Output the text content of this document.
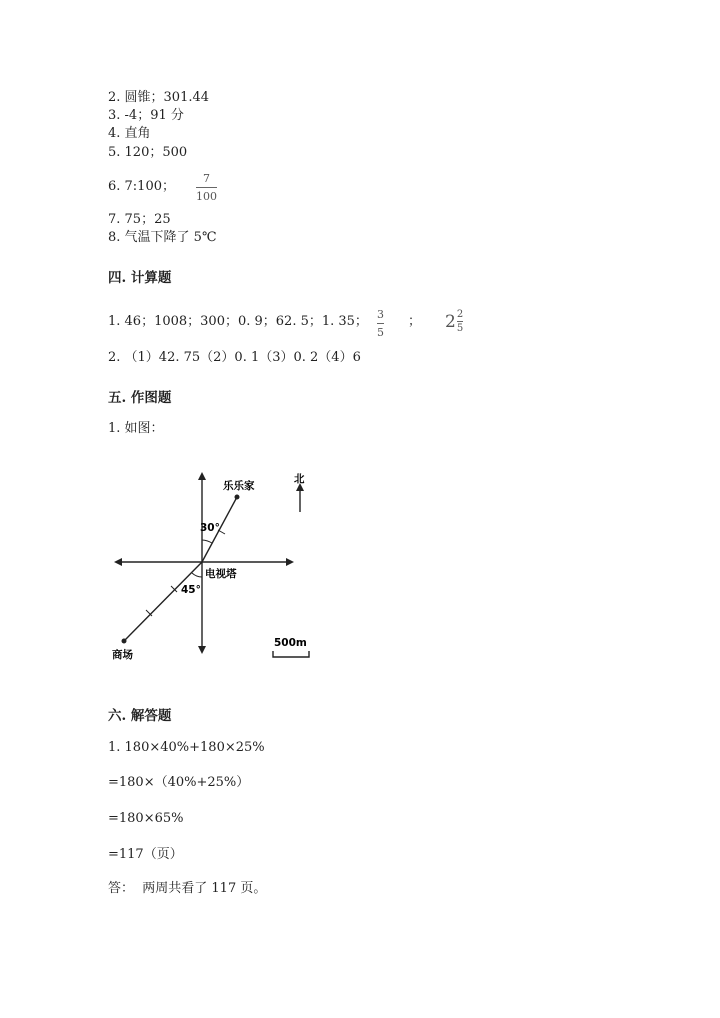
2. 圆锥；301.44
3. -4；91 分
4. 直角
5. 120；500
6. 7:100；
7
100
7. 75；25
8. 气温下降了 5℃
四. 计算题
1. 46；1008；300；0. 9；62. 5；1. 35； 3
5
； 2 2
5
2. （1）42. 75（2）0. 1（3）0. 2（4）6
五. 作图题
1. 如图：
乐乐家
北
30°
电视塔
45°
500m
商场
六. 解答题
1. 180×40%+180×25%
=180×（40%+25%）
=180×65%
=117（页）
答：  两周共看了 117 页。
